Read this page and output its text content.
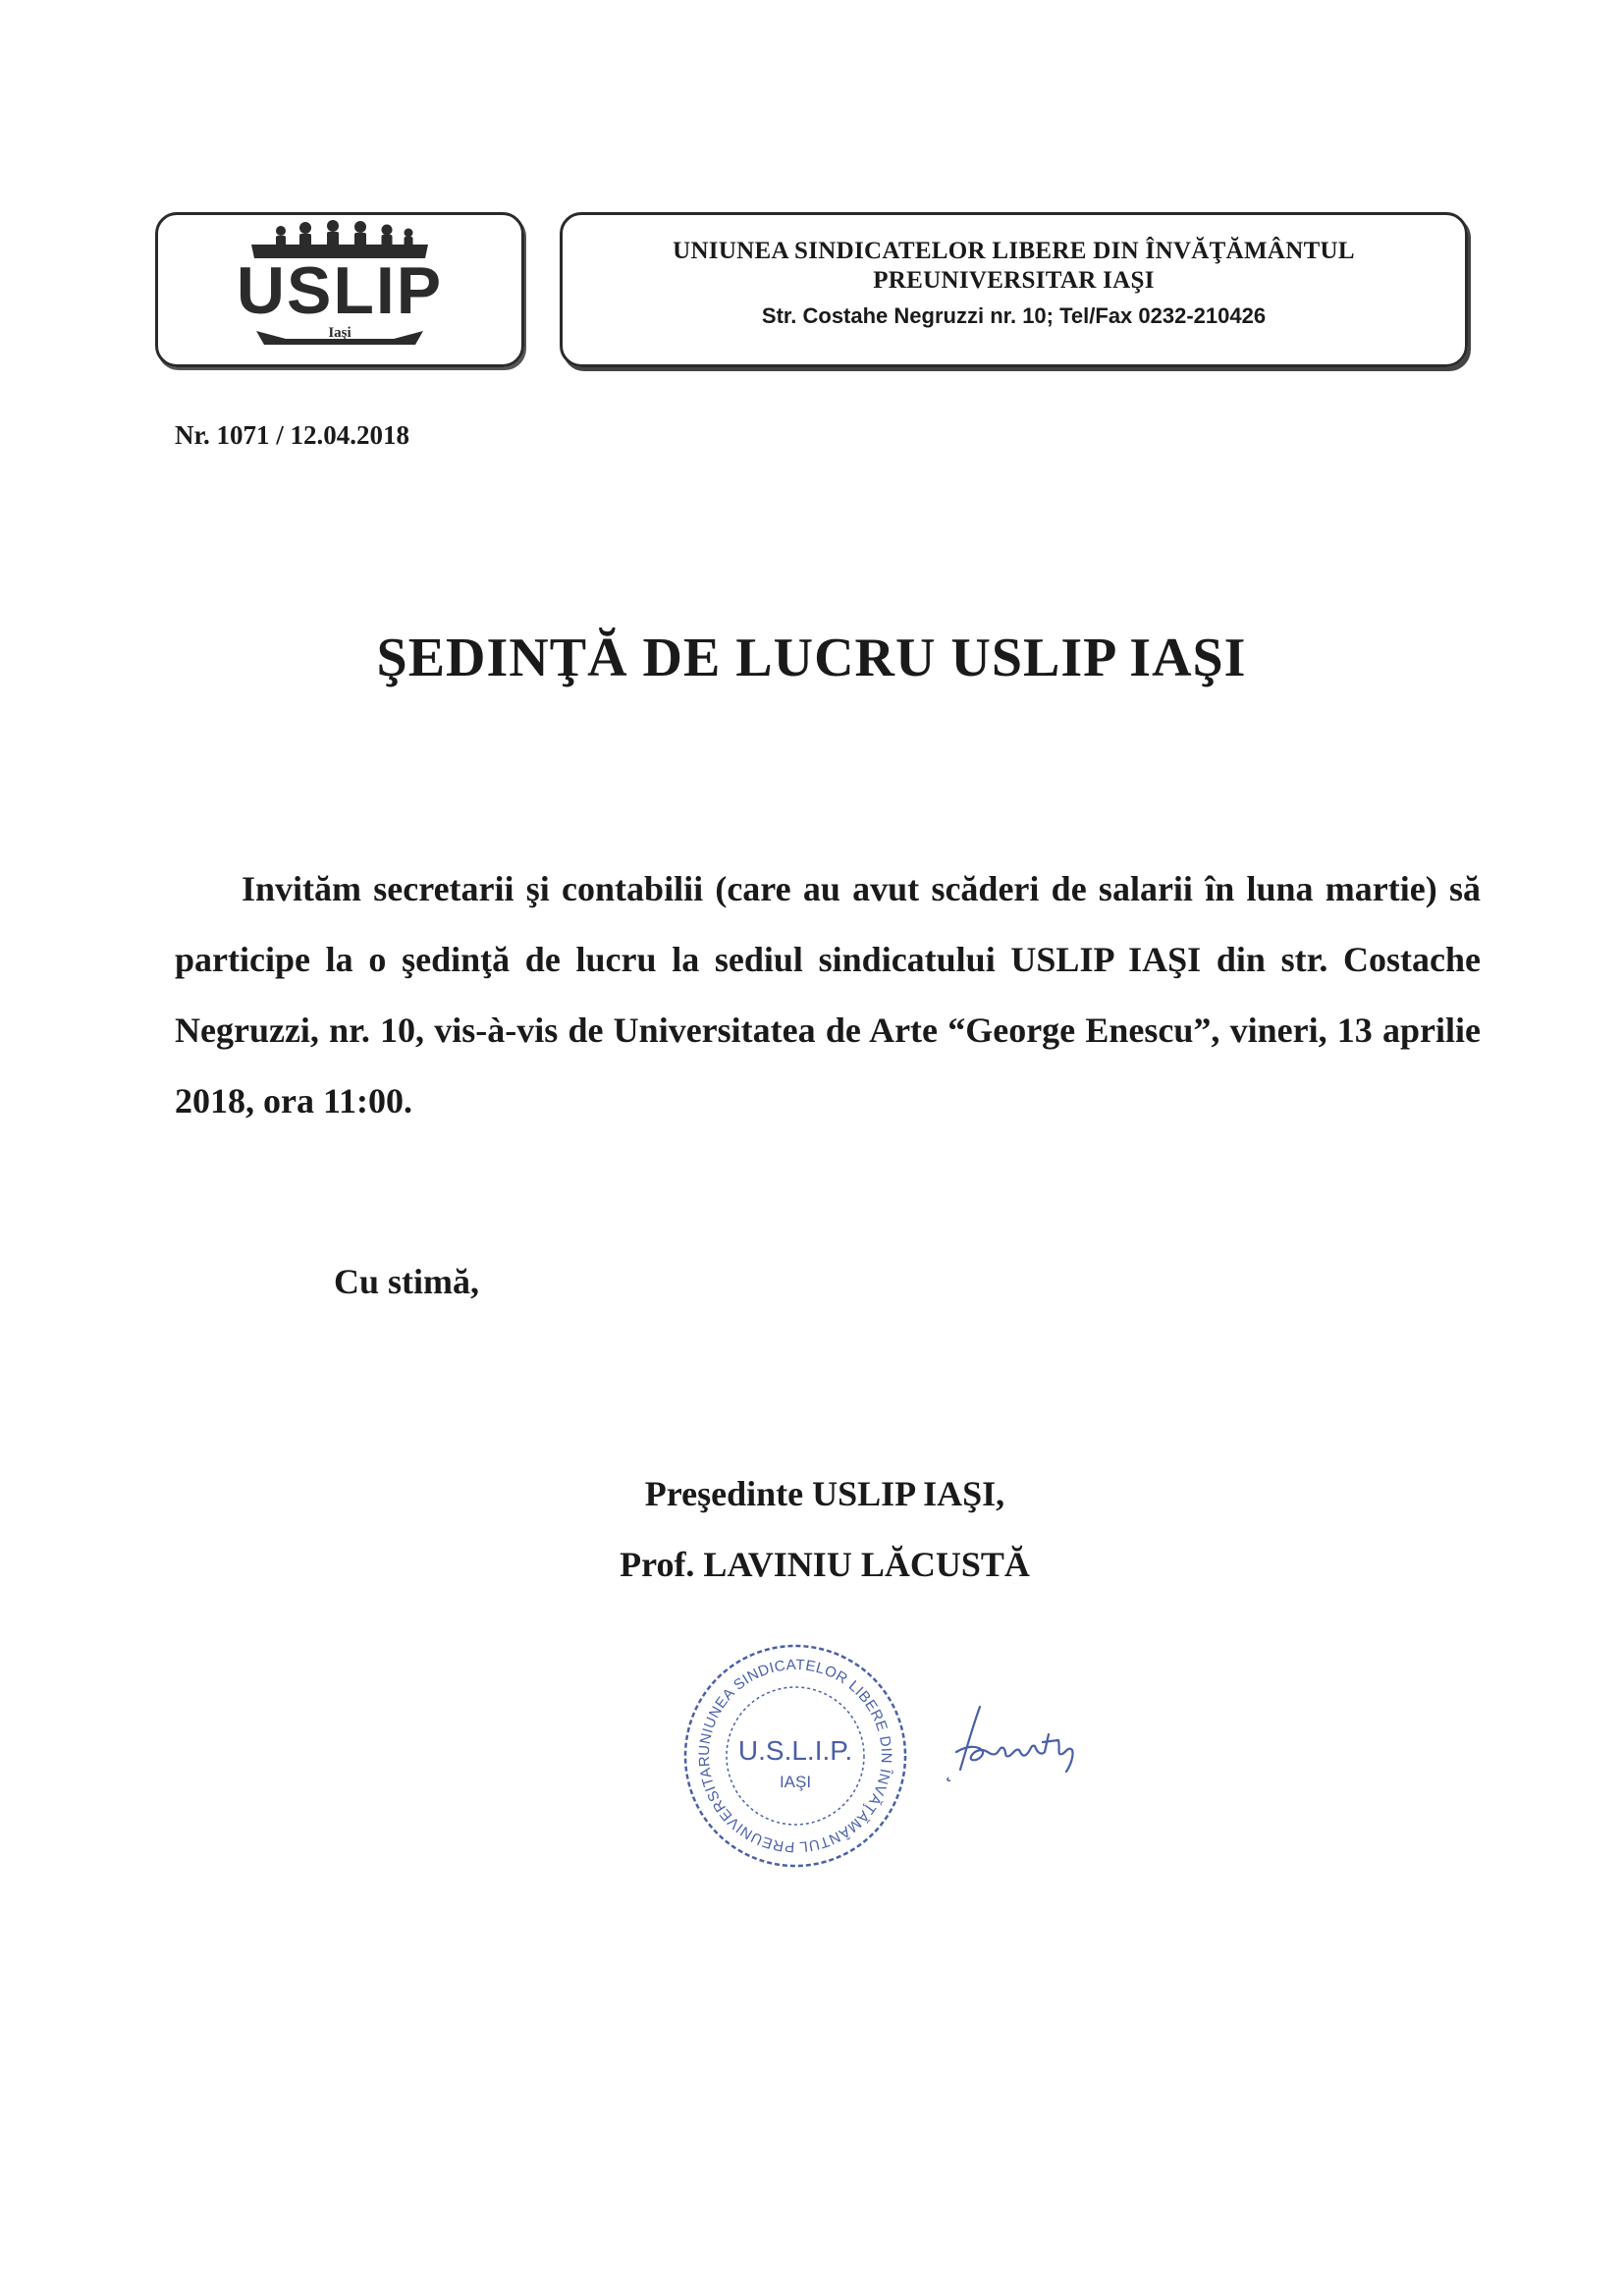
USLIP
Iaşi
UNIUNEA SINDICATELOR LIBERE DIN ÎNVĂŢĂMÂNTUL
PREUNIVERSITAR IAŞI
Str. Costahe Negruzzi nr. 10; Tel/Fax 0232-210426
Nr. 1071 / 12.04.2018
ŞEDINŢĂ DE LUCRU USLIP IAŞI
Invităm secretarii şi contabilii (care au avut scăderi de salarii în luna martie) să participe la o şedinţă de lucru la sediul sindicatului USLIP IAŞI din str. Costache Negruzzi, nr. 10, vis-à-vis de Universitatea de Arte “George Enescu”, vineri, 13 aprilie 2018, ora 11:00.
Cu stimă,
Preşedinte USLIP IAŞI,
Prof. LAVINIU LĂCUSTĂ
UNIUNEA SINDICATELOR LIBERE DIN ÎNVĂŢĂMÂNTUL PREUNIVERSITAR U.S.L.I.P.
IAŞI
